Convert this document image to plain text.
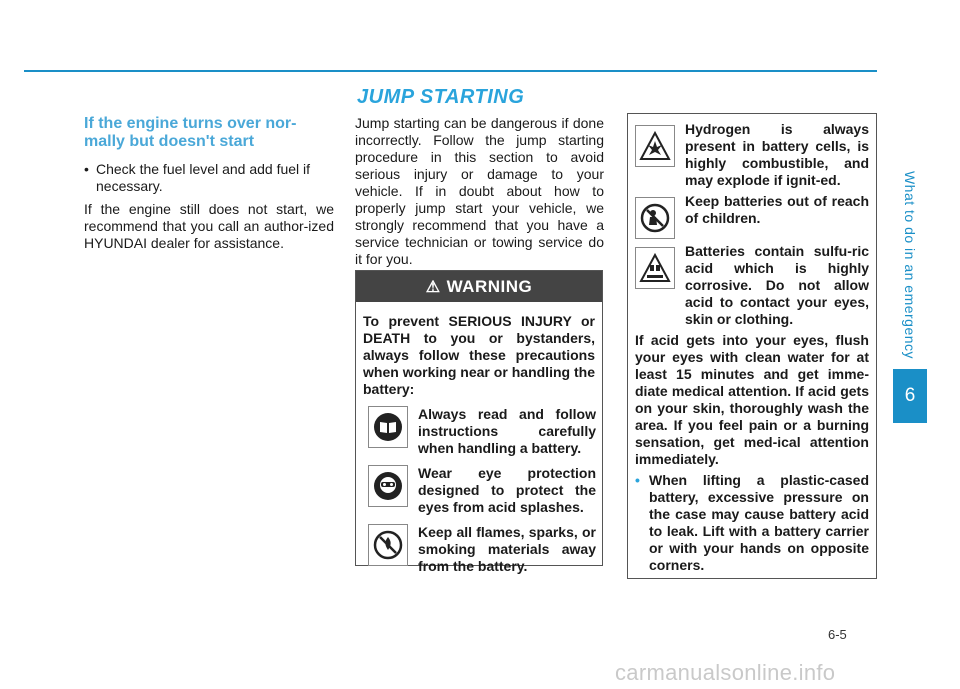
What to do in an emergency
6
If the engine turns over nor-mally but doesn't start
• Check the fuel level and add fuel if necessary.
If the engine still does not start, we recommend that you call an author-ized HYUNDAI dealer for assistance.
JUMP STARTING
Jump starting can be dangerous if done incorrectly. Follow the jump starting procedure in this section to avoid serious injury or damage to your vehicle. If in doubt about how to properly jump start your vehicle, we strongly recommend that you have a service technician or towing service do it for you.
⚠ WARNING
To prevent SERIOUS INJURY or DEATH to you or bystanders, always follow these precautions when working near or handling the battery:
Always read and follow instructions carefully when handling a battery.
Wear eye protection designed to protect the eyes from acid splashes.
Keep all flames, sparks, or smoking materials away from the battery.
Hydrogen is always present in battery cells, is highly combustible, and may explode if ignit-ed.
Keep batteries out of reach of children.
Batteries contain sulfu-ric acid which is highly corrosive. Do not allow acid to contact your eyes, skin or clothing.
If acid gets into your eyes, flush your eyes with clean water for at least 15 minutes and get imme-diate medical attention. If acid gets on your skin, thoroughly wash the area. If you feel pain or a burning sensation, get med-ical attention immediately.
• When lifting a plastic-cased battery, excessive pressure on the case may cause battery acid to leak. Lift with a battery carrier or with your hands on opposite corners.
6-5
carmanualsonline.info
